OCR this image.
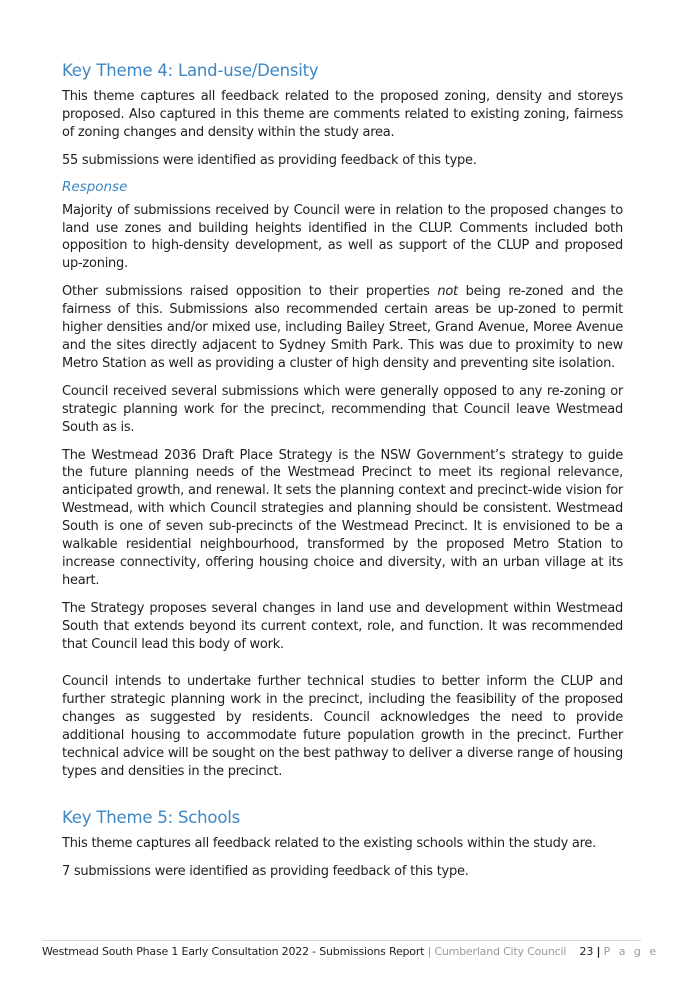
Key Theme 4: Land-use/Density

This theme captures all feedback related to the proposed zoning, density and storeys proposed. Also captured in this theme are comments related to existing zoning, fairness of zoning changes and density within the study area.

55 submissions were identified as providing feedback of this type.

Response

Majority of submissions received by Council were in relation to the proposed changes to land use zones and building heights identified in the CLUP. Comments included both opposition to high-density development, as well as support of the CLUP and proposed up-zoning.

Other submissions raised opposition to their properties not being re-zoned and the fairness of this. Submissions also recommended certain areas be up-zoned to permit higher densities and/or mixed use, including Bailey Street, Grand Avenue, Moree Avenue and the sites directly adjacent to Sydney Smith Park. This was due to proximity to new Metro Station as well as providing a cluster of high density and preventing site isolation.

Council received several submissions which were generally opposed to any re-zoning or strategic planning work for the precinct, recommending that Council leave Westmead South as is.

The Westmead 2036 Draft Place Strategy is the NSW Government’s strategy to guide the future planning needs of the Westmead Precinct to meet its regional relevance, anticipated growth, and renewal. It sets the planning context and precinct-wide vision for Westmead, with which Council strategies and planning should be consistent. Westmead South is one of seven sub-precincts of the Westmead Precinct. It is envisioned to be a walkable residential neighbourhood, transformed by the proposed Metro Station to increase connectivity, offering housing choice and diversity, with an urban village at its heart.

The Strategy proposes several changes in land use and development within Westmead South that extends beyond its current context, role, and function. It was recommended that Council lead this body of work.

Council intends to undertake further technical studies to better inform the CLUP and further strategic planning work in the precinct, including the feasibility of the proposed changes as suggested by residents. Council acknowledges the need to provide additional housing to accommodate future population growth in the precinct. Further technical advice will be sought on the best pathway to deliver a diverse range of housing types and densities in the precinct.

Key Theme 5: Schools

This theme captures all feedback related to the existing schools within the study are.

7 submissions were identified as providing feedback of this type.

Westmead South Phase 1 Early Consultation 2022 - Submissions Report | Cumberland City Council 23 | P a g e
